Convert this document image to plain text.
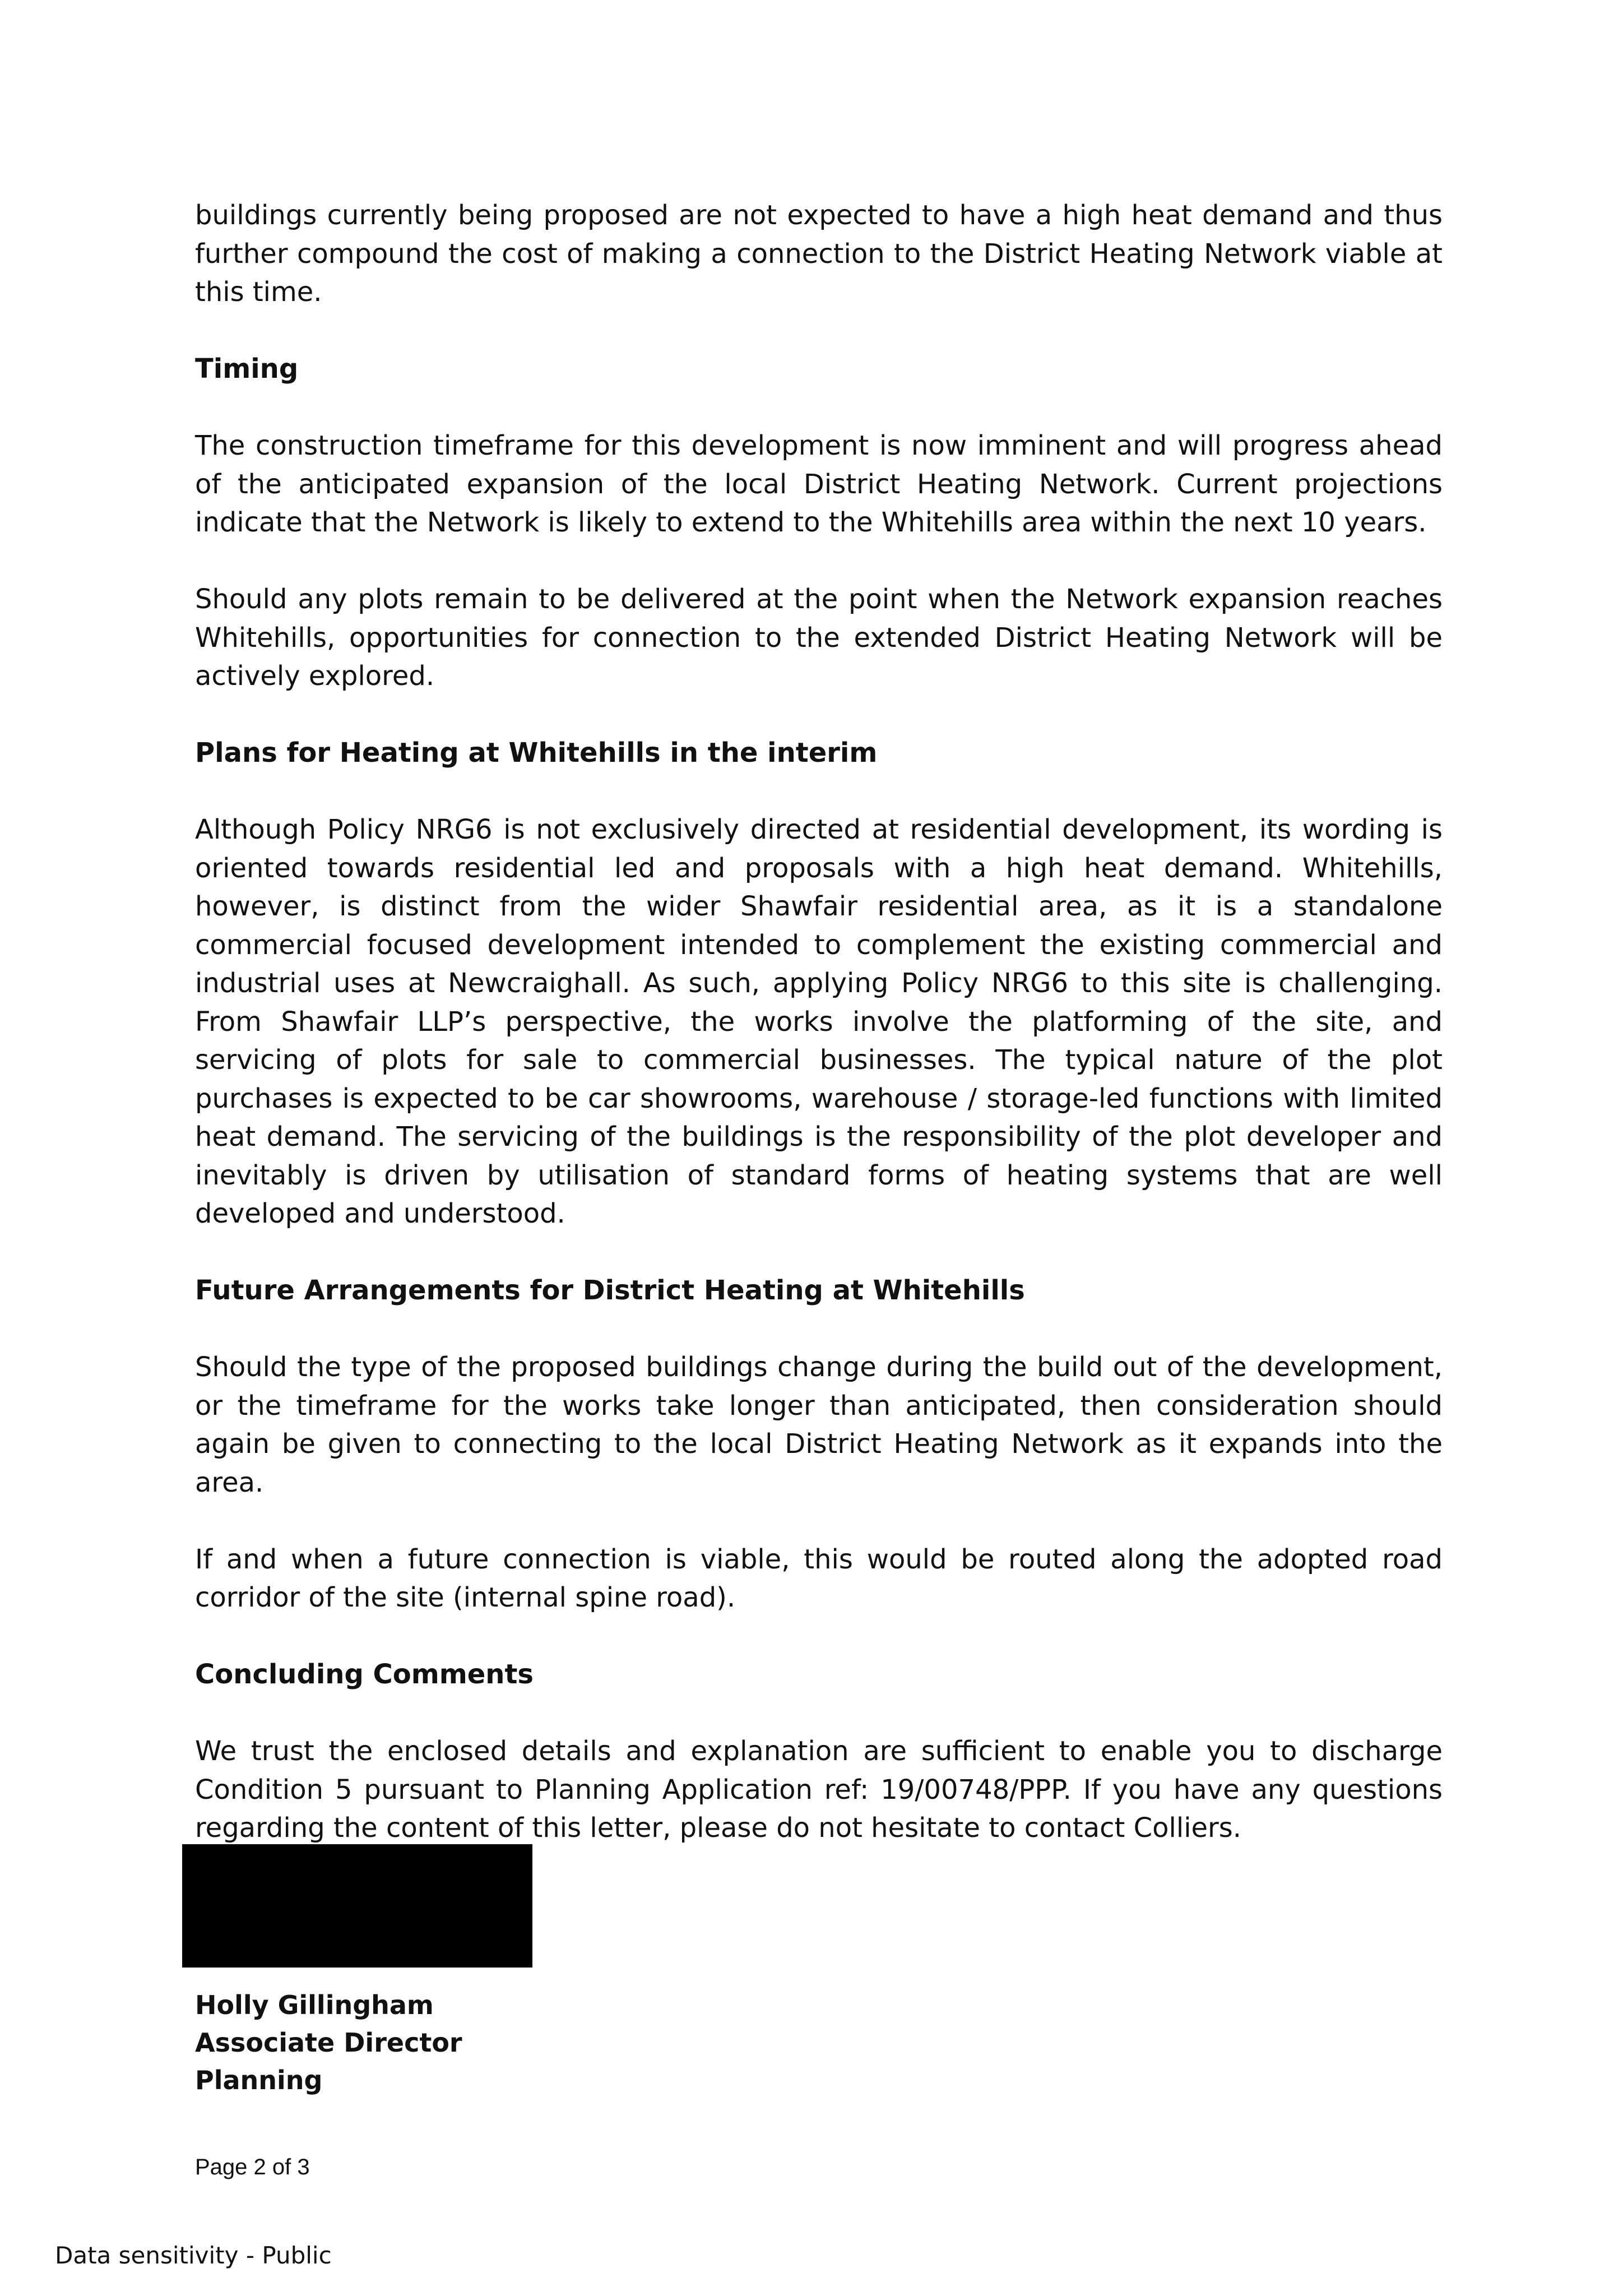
buildings currently being proposed are not expected to have a high heat demand and thus further compound the cost of making a connection to the District Heating Network viable at this time.

Timing

The construction timeframe for this development is now imminent and will progress ahead of the anticipated expansion of the local District Heating Network. Current projections indicate that the Network is likely to extend to the Whitehills area within the next 10 years.

Should any plots remain to be delivered at the point when the Network expansion reaches Whitehills, opportunities for connection to the extended District Heating Network will be actively explored.

Plans for Heating at Whitehills in the interim

Although Policy NRG6 is not exclusively directed at residential development, its wording is oriented towards residential led and proposals with a high heat demand. Whitehills, however, is distinct from the wider Shawfair residential area, as it is a standalone commercial focused development intended to complement the existing commercial and industrial uses at Newcraighall. As such, applying Policy NRG6 to this site is challenging. From Shawfair LLP’s perspective, the works involve the platforming of the site, and servicing of plots for sale to commercial businesses. The typical nature of the plot purchases is expected to be car showrooms, warehouse / storage-led functions with limited heat demand. The servicing of the buildings is the responsibility of the plot developer and inevitably is driven by utilisation of standard forms of heating systems that are well developed and understood.

Future Arrangements for District Heating at Whitehills

Should the type of the proposed buildings change during the build out of the development, or the timeframe for the works take longer than anticipated, then consideration should again be given to connecting to the local District Heating Network as it expands into the area.

If and when a future connection is viable, this would be routed along the adopted road corridor of the site (internal spine road).

Concluding Comments

We trust the enclosed details and explanation are sufficient to enable you to discharge Condition 5 pursuant to Planning Application ref: 19/00748/PPP. If you have any questions regarding the content of this letter, please do not hesitate to contact Colliers.

Holly Gillingham
Associate Director
Planning
Page 2 of 3
Data sensitivity - Public
